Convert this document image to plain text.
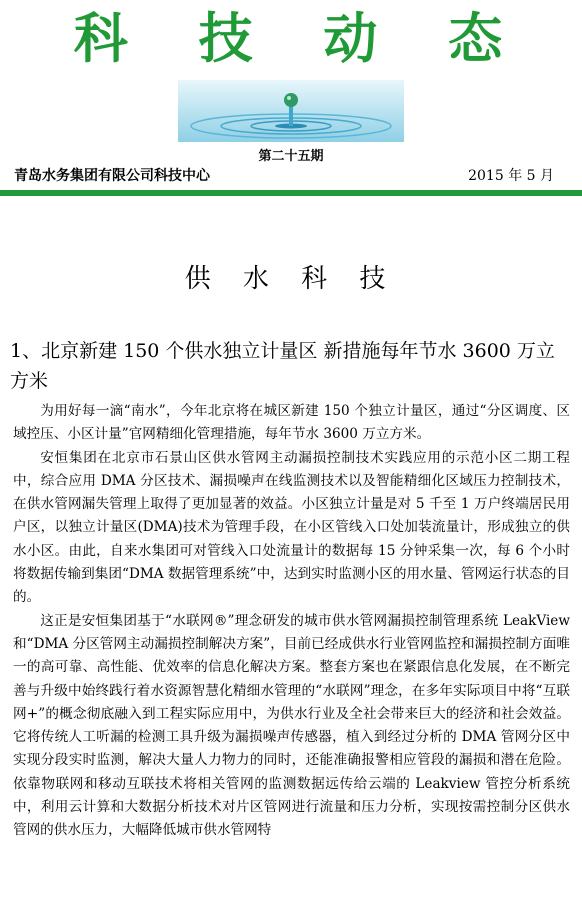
科 技 动 态
第二十五期
青岛水务集团有限公司科技中心	2015 年 5 月
供 水 科 技
1、北京新建 150 个供水独立计量区 新措施每年节水 3600 万立方米

为用好每一滴“南水”，今年北京将在城区新建 150 个独立计量区，通过“分区调度、区域控压、小区计量”官网精细化管理措施，每年节水 3600 万立方米。

安恒集团在北京市石景山区供水管网主动漏损控制技术实践应用的示范小区二期工程中，综合应用 DMA 分区技术、漏损噪声在线监测技术以及智能精细化区域压力控制技术，在供水管网漏失管理上取得了更加显著的效益。小区独立计量是对 5 千至 1 万户终端居民用户区，以独立计量区(DMA)技术为管理手段，在小区管线入口处加装流量计，形成独立的供水小区。由此，自来水集团可对管线入口处流量计的数据每 15 分钟采集一次，每 6 个小时将数据传输到集团“DMA 数据管理系统”中，达到实时监测小区的用水量、管网运行状态的目的。

这正是安恒集团基于“水联网®”理念研发的城市供水管网漏损控制管理系统 LeakView 和“DMA 分区管网主动漏损控制解决方案”，目前已经成供水行业管网监控和漏损控制方面唯一的高可靠、高性能、优效率的信息化解决方案。整套方案也在紧跟信息化发展，在不断完善与升级中始终践行着水资源智慧化精细水管理的“水联网”理念，在多年实际项目中将“互联网+”的概念彻底融入到工程实际应用中，为供水行业及全社会带来巨大的经济和社会效益。它将传统人工听漏的检测工具升级为漏损噪声传感器，植入到经过分析的 DMA 管网分区中实现分段实时监测，解决大量人力物力的同时，还能准确报警相应管段的漏损和潜在危险。依靠物联网和移动互联技术将相关管网的监测数据远传给云端的 Leakview 管控分析系统中，利用云计算和大数据分析技术对片区管网进行流量和压力分析，实现按需控制分区供水管网的供水压力，大幅降低城市供水管网特
